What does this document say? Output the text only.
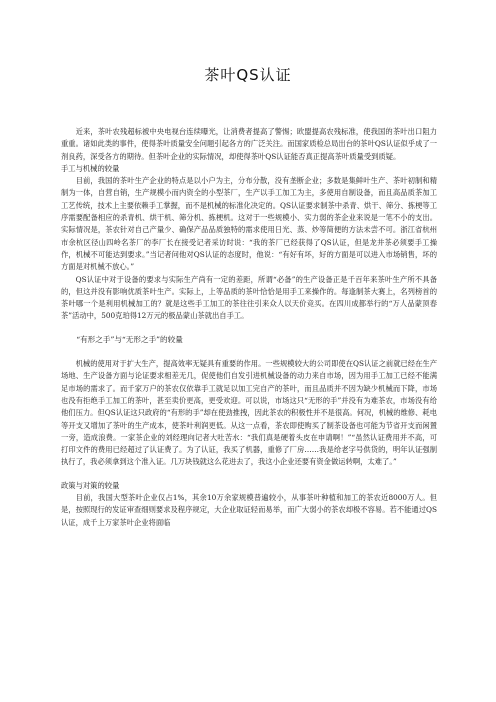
茶叶QS认证

近来，茶叶农残超标被中央电视台连续曝光，让消费者提高了警惕；欧盟提高农残标准，使我国的茶叶出口阻力重重。诸如此类的事件，使得茶叶质量安全问题引起各方的广泛关注。而国家质检总局出台的茶叶QS认证似乎成了一剂良药，深受各方的期待。但茶叶企业的实际情况，却使得茶叶QS认证能否真正提高茶叶质量受到质疑。

手工与机械的较量

目前，我国的茶叶生产企业的特点是以小户为主，分布分散，没有垄断企业；多数是集鲜叶生产、茶叶初制和精制为一体，自营自销，生产规模小而内资全的小型茶厂，生产以手工加工为主，多使用自制设备，而且高品质茶加工工艺传统，技术上主要依赖手工掌握，而不是机械的标准化决定的。QS认证要求制茶中杀青、烘干、筛分、拣梗等工序需要配备相应的杀青机、烘干机、筛分机、拣梗机。这对于一些规模小、实力弱的茶企业来说是一笔不小的支出。实际情况是，茶农针对自己产量少、确保产品品质独特的需求使用日光、蒸、炒等简便的方法未尝不可。浙江省杭州市余杭区径山四岭名茶厂的李厂长在接受记者采访时说：“我的茶厂已经获得了QS认证，但是龙井茶必须要手工操作，机械不可能达到要求。”当记者问他对QS认证的态度时，他说：“有好有坏，好的方面是可以进入市场销售，坏的方面是对机械不放心。”

QS认证中对于设备的要求与实际生产尚有一定的差距，所谓“必备”的生产设备正是千百年来茶叶生产所不具备的，但这并没有影响优质茶叶生产。实际上，上等品质的茶叶恰恰是用手工来操作的。每逢制茶大赛上，名列榜首的茶叶哪一个是利用机械加工的？就是这些手工加工的茶往往引来众人以天价竞买。在四川成都举行的“万人品蒙顶春茶”活动中，500克珀得12万元的极品蒙山茶就出自手工。

“有形之手”与“无形之手”的较量

机械的使用对于扩大生产，提高效率无疑具有重要的作用。一些规模较大的公司即使在QS认证之前就已经在生产场地、生产设备方面与论证要求相差无几，促使他们自发引进机械设备的动力来自市场，因为用手工加工已经不能满足市场的需求了。而千家万户的茶农仅依靠手工就足以加工完自产的茶叶，而且品质并不因为缺少机械而下降，市场也没有拒绝手工加工的茶叶，甚至卖价更高，更受欢迎。可以说，市场这只“无形的手”并没有为难茶农，市场没有给他们压力。但QS认证这只政府的“有形的手”却在使劲推拽，因此茶农的积极性并不是很高。何况，机械的维修、耗电等开支又增加了茶叶的生产成本，使茶叶利润更低。从这一点看，茶农即使购买了制茶设备也可能为节省开支而闲置一旁，造成浪费。一家茶企业的刘经理向记者大吐苦水：“我们真是硬着头皮在申请啊！”“虽然认证费用并不高，可打印文件的费用已经超过了认证费了。为了认证，我买了机器，重修了厂房……我是给老字号供货的，明年认证强制执行了，我必须拿到这个准入证。几万块钱就这么花进去了，我这小企业还要有资金做运转啊，太难了。”

政策与对策的较量

目前，我国大型茶叶企业仅占1%，其余10万余家规模普遍较小，从事茶叶种植和加工的茶农近8000万人。但是，按照现行的发证审查细则要求及程序规定，大企业取证轻而易举，而广大弱小的茶农却极不容易。若不能通过QS认证，成千上万家茶叶企业将面临
